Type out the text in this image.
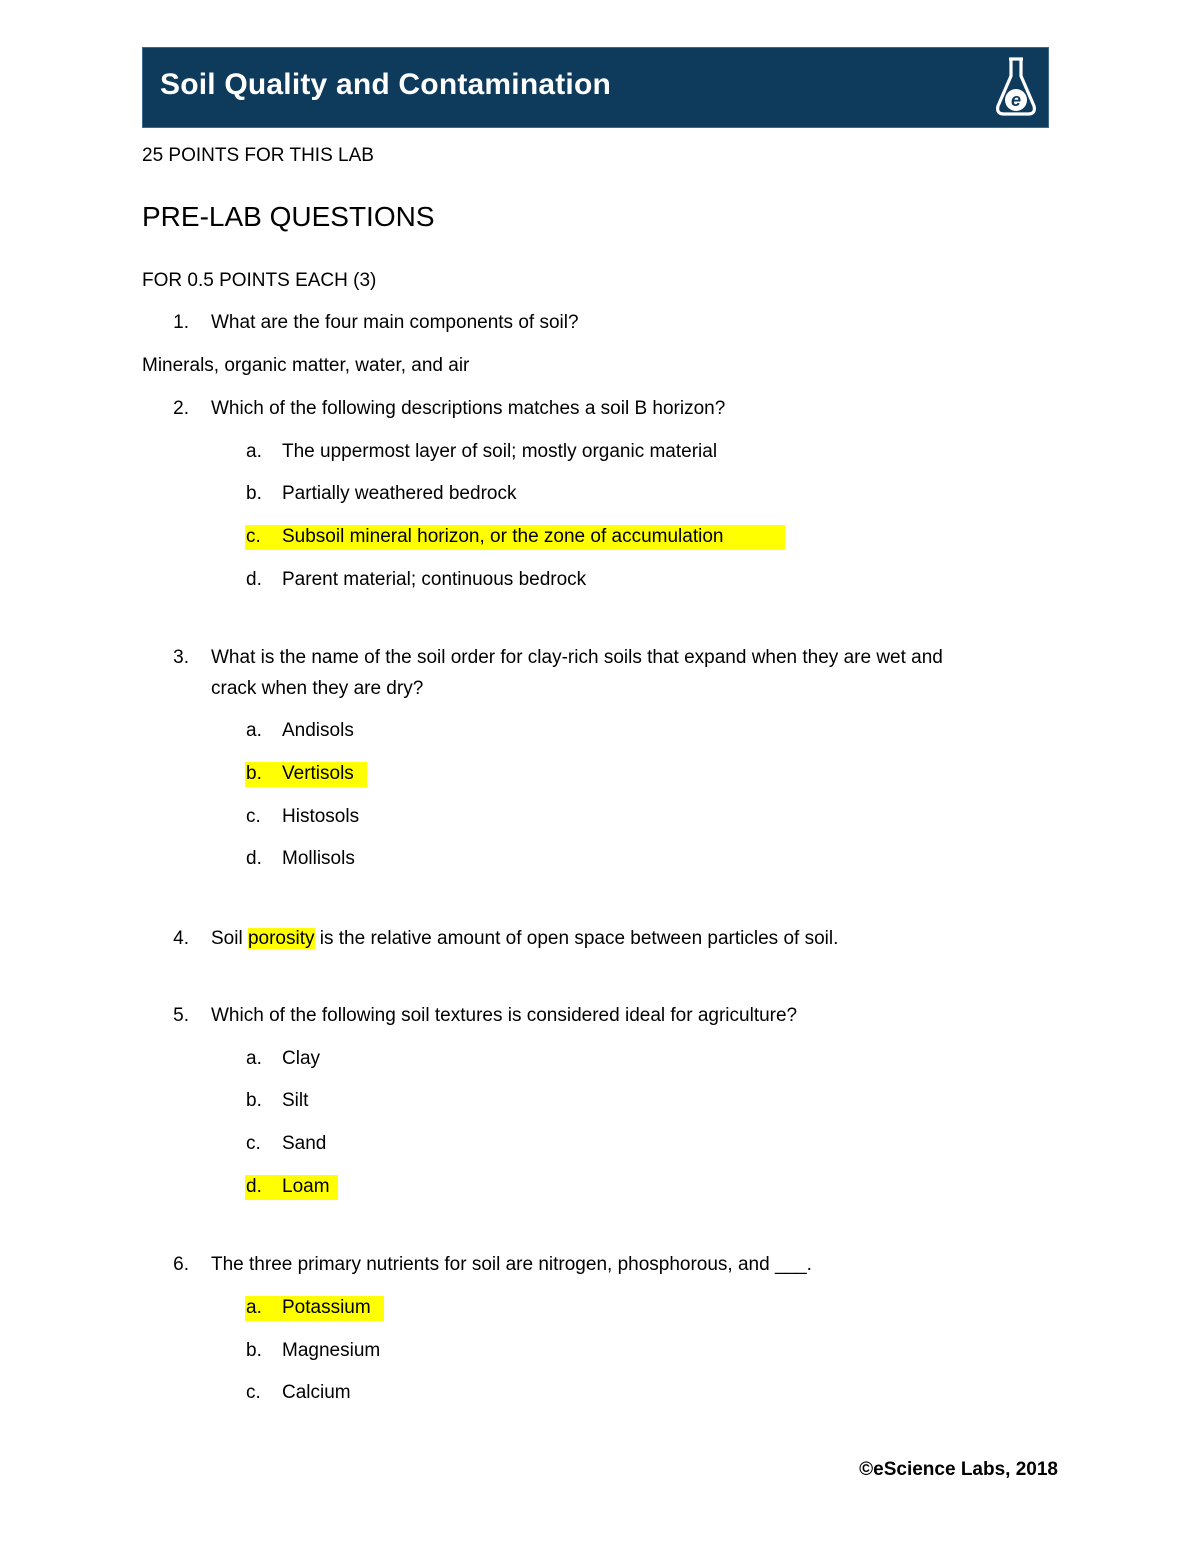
Soil Quality and Contamination	e
25 POINTS FOR THIS LAB
PRE-LAB QUESTIONS
FOR 0.5 POINTS EACH (3)
1. What are the four main components of soil?
Minerals, organic matter, water, and air
2. Which of the following descriptions matches a soil B horizon?
a. The uppermost layer of soil; mostly organic material
b. Partially weathered bedrock
c. Subsoil mineral horizon, or the zone of accumulation
d. Parent material; continuous bedrock
3. What is the name of the soil order for clay-rich soils that expand when they are wet and
crack when they are dry?
a. Andisols
b. Vertisols
c. Histosols
d. Mollisols
4. Soil porosity is the relative amount of open space between particles of soil.
5. Which of the following soil textures is considered ideal for agriculture?
a. Clay
b. Silt
c. Sand
d. Loam
6. The three primary nutrients for soil are nitrogen, phosphorous, and ___.
a. Potassium
b. Magnesium
c. Calcium
©eScience Labs, 2018
